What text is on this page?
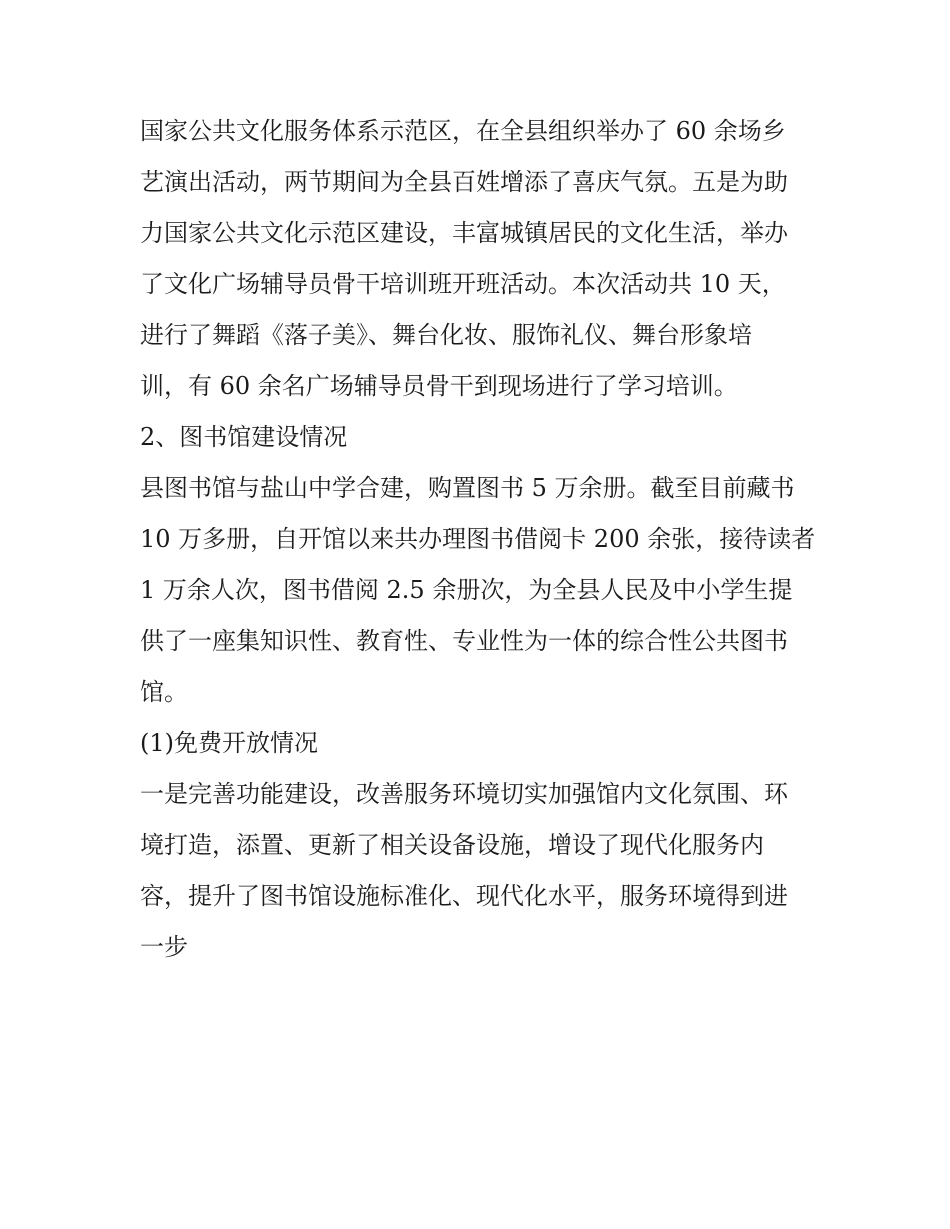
国家公共文化服务体系示范区，在全县组织举办了 60 余场乡
艺演出活动，两节期间为全县百姓增添了喜庆气氛。五是为助
力国家公共文化示范区建设，丰富城镇居民的文化生活，举办
了文化广场辅导员骨干培训班开班活动。本次活动共 10 天，
进行了舞蹈《落子美》、舞台化妆、服饰礼仪、舞台形象培
训，有 60 余名广场辅导员骨干到现场进行了学习培训。
2、图书馆建设情况
县图书馆与盐山中学合建，购置图书 5 万余册。截至目前藏书
10 万多册，自开馆以来共办理图书借阅卡 200 余张，接待读者
1 万余人次，图书借阅 2.5 余册次，为全县人民及中小学生提
供了一座集知识性、教育性、专业性为一体的综合性公共图书
馆。
(1)免费开放情况
一是完善功能建设，改善服务环境切实加强馆内文化氛围、环
境打造，添置、更新了相关设备设施，增设了现代化服务内
容，提升了图书馆设施标准化、现代化水平，服务环境得到进
一步
